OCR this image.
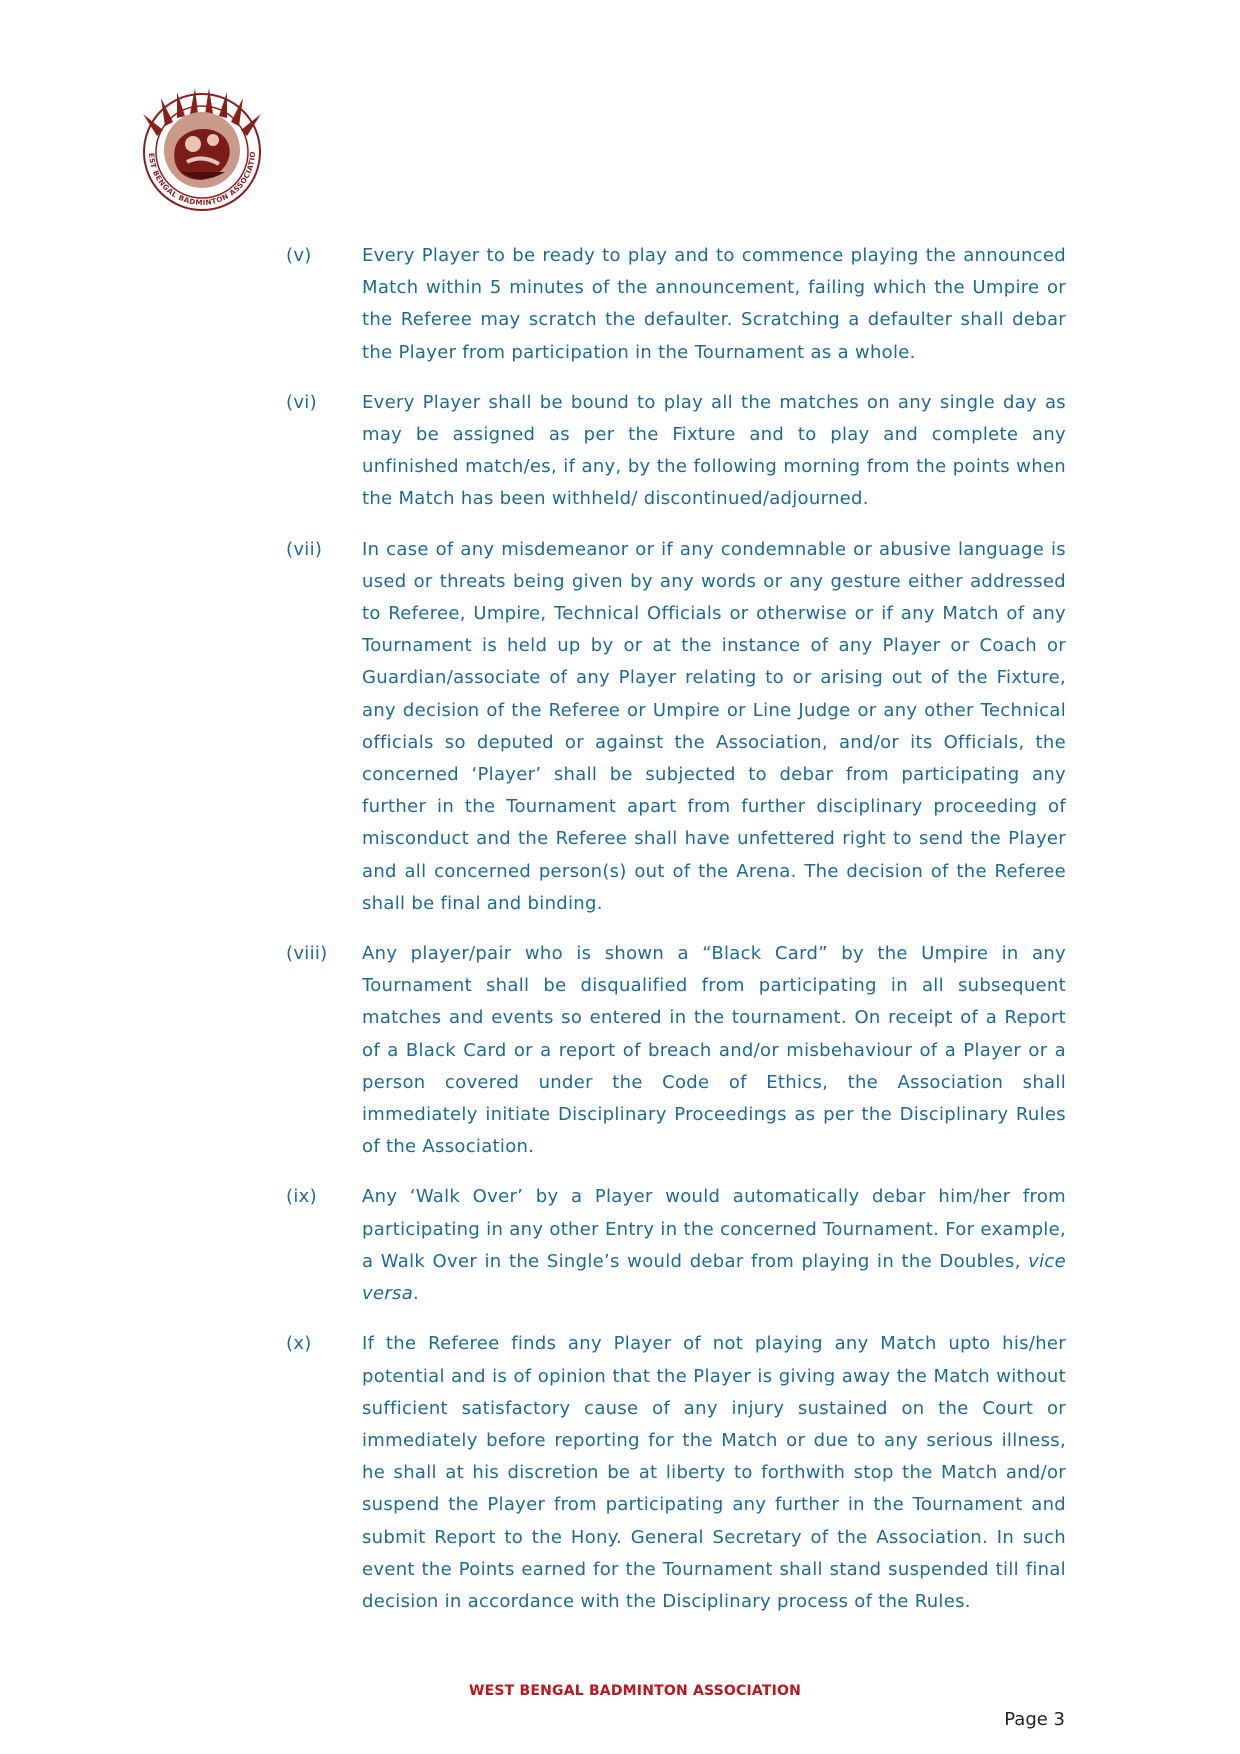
EST BENGAL BADMINTON ASSOCIATIO
(v)	Every Player to be ready to play and to commence playing the announced Match within 5 minutes of the announcement, failing which the Umpire or the Referee may scratch the defaulter. Scratching a defaulter shall debar the Player from participation in the Tournament as a whole.

(vi)	Every Player shall be bound to play all the matches on any single day as may be assigned as per the Fixture and to play and complete any unfinished match/es, if any, by the following morning from the points when the Match has been withheld/ discontinued/adjourned.

(vii)	In case of any misdemeanor or if any condemnable or abusive language is used or threats being given by any words or any gesture either addressed to Referee, Umpire, Technical Officials or otherwise or if any Match of any Tournament is held up by or at the instance of any Player or Coach or Guardian/associate of any Player relating to or arising out of the Fixture, any decision of the Referee or Umpire or Line Judge or any other Technical officials so deputed or against the Association, and/or its Officials, the concerned ‘Player’ shall be subjected to debar from participating any further in the Tournament apart from further disciplinary proceeding of misconduct and the Referee shall have unfettered right to send the Player and all concerned person(s) out of the Arena. The decision of the Referee shall be final and binding.

(viii)	Any player/pair who is shown a “Black Card” by the Umpire in any Tournament shall be disqualified from participating in all subsequent matches and events so entered in the tournament. On receipt of a Report of a Black Card or a report of breach and/or misbehaviour of a Player or a person covered under the Code of Ethics, the Association shall immediately initiate Disciplinary Proceedings as per the Disciplinary Rules of the Association.

(ix)	Any ‘Walk Over’ by a Player would automatically debar him/her from participating in any other Entry in the concerned Tournament. For example, a Walk Over in the Single’s would debar from playing in the Doubles, vice versa.

(x)	If the Referee finds any Player of not playing any Match upto his/her potential and is of opinion that the Player is giving away the Match without sufficient satisfactory cause of any injury sustained on the Court or immediately before reporting for the Match or due to any serious illness, he shall at his discretion be at liberty to forthwith stop the Match and/or suspend the Player from participating any further in the Tournament and submit Report to the Hony. General Secretary of the Association. In such event the Points earned for the Tournament shall stand suspended till final decision in accordance with the Disciplinary process of the Rules.

WEST BENGAL BADMINTON ASSOCIATION
Page 3
